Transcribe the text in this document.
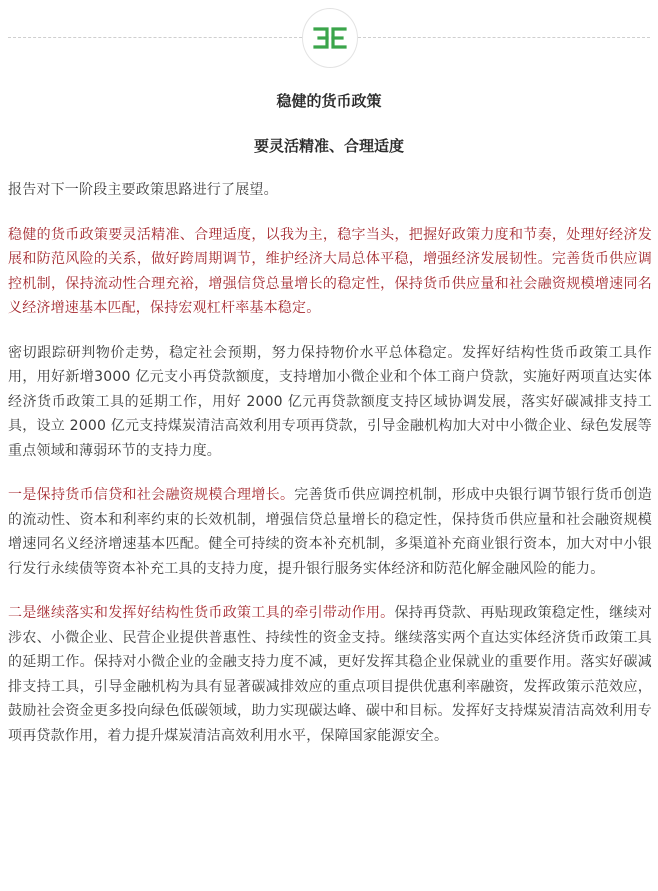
稳健的货币政策
要灵活精准、合理适度

报告对下一阶段主要政策思路进行了展望。

稳健的货币政策要灵活精准、合理适度，以我为主，稳字当头，把握好政策力度和节奏，处理好经济发展和防范风险的关系，做好跨周期调节，维护经济大局总体平稳，增强经济发展韧性。完善货币供应调控机制，保持流动性合理充裕，增强信贷总量增长的稳定性，保持货币供应量和社会融资规模增速同名义经济增速基本匹配，保持宏观杠杆率基本稳定。

密切跟踪研判物价走势，稳定社会预期，努力保持物价水平总体稳定。发挥好结构性货币政策工具作用，用好新增3000 亿元支小再贷款额度，支持增加小微企业和个体工商户贷款，实施好两项直达实体经济货币政策工具的延期工作，用好 2000 亿元再贷款额度支持区域协调发展，落实好碳减排支持工具，设立 2000 亿元支持煤炭清洁高效利用专项再贷款，引导金融机构加大对中小微企业、绿色发展等重点领域和薄弱环节的支持力度。

一是保持货币信贷和社会融资规模合理增长。完善货币供应调控机制，形成中央银行调节银行货币创造的流动性、资本和利率约束的长效机制，增强信贷总量增长的稳定性，保持货币供应量和社会融资规模增速同名义经济增速基本匹配。健全可持续的资本补充机制，多渠道补充商业银行资本，加大对中小银行发行永续债等资本补充工具的支持力度，提升银行服务实体经济和防范化解金融风险的能力。

二是继续落实和发挥好结构性货币政策工具的牵引带动作用。保持再贷款、再贴现政策稳定性，继续对涉农、小微企业、民营企业提供普惠性、持续性的资金支持。继续落实两个直达实体经济货币政策工具的延期工作。保持对小微企业的金融支持力度不减，更好发挥其稳企业保就业的重要作用。落实好碳减排支持工具，引导金融机构为具有显著碳减排效应的重点项目提供优惠利率融资，发挥政策示范效应，鼓励社会资金更多投向绿色低碳领域，助力实现碳达峰、碳中和目标。发挥好支持煤炭清洁高效利用专项再贷款作用，着力提升煤炭清洁高效利用水平，保障国家能源安全。
